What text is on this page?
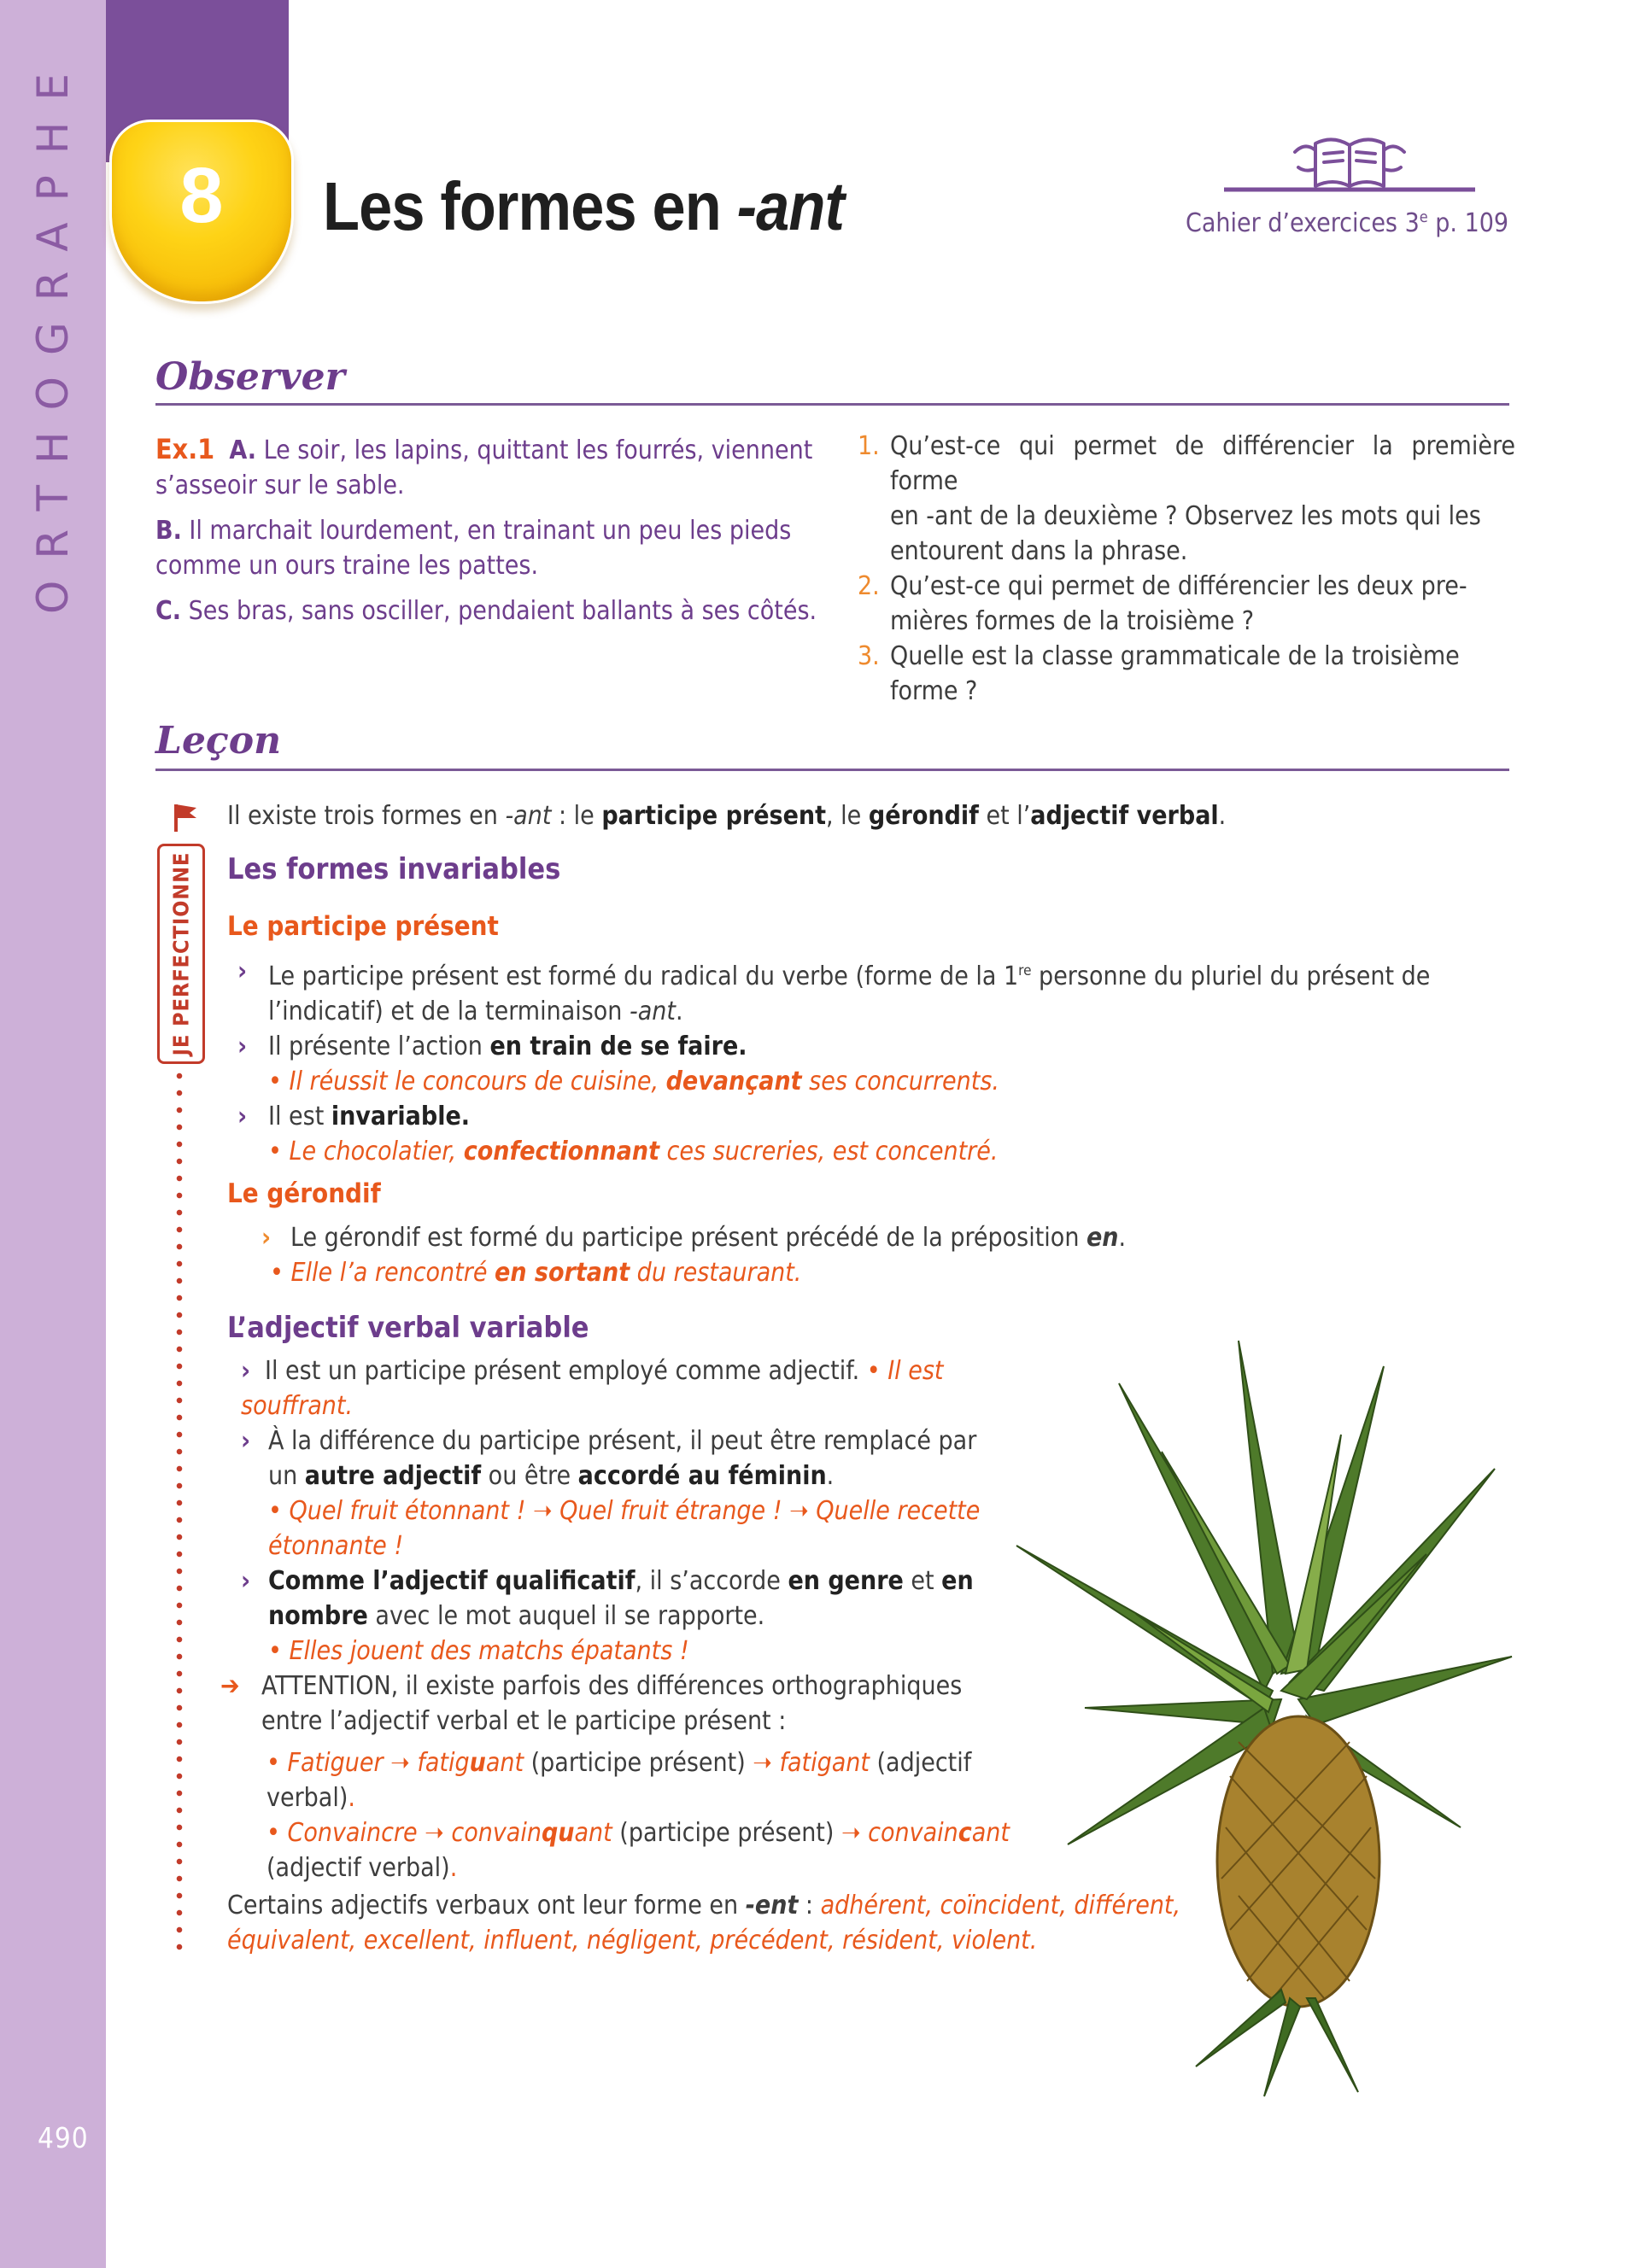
ORTHOGRAPHE
490
8	Les formes en -ant	Cahier d’exercices 3e p. 109
Observer
Ex.1 A. Le soir, les lapins, quittant les fourrés, viennent
s’asseoir sur le sable.
B. Il marchait lourdement, en trainant un peu les pieds
comme un ours traine les pattes.
C. Ses bras, sans osciller, pendaient ballants à ses côtés.
1. Qu’est-ce qui permet de différencier la première forme
en -ant de la deuxième ? Observez les mots qui les
entourent dans la phrase.
2. Qu’est-ce qui permet de différencier les deux pre-
mières formes de la troisième ?
3. Quelle est la classe grammaticale de la troisième
forme ?
Leçon
JE PERFECTIONNE
Il existe trois formes en -ant : le participe présent, le gérondif et l’adjectif verbal.
Les formes invariables
Le participe présent
› Le participe présent est formé du radical du verbe (forme de la 1re personne du pluriel du présent de
l’indicatif) et de la terminaison -ant.
› Il présente l’action en train de se faire.
• Il réussit le concours de cuisine, devançant ses concurrents.
› Il est invariable.
• Le chocolatier, confectionnant ces sucreries, est concentré.
Le gérondif
› Le gérondif est formé du participe présent précédé de la préposition en.
• Elle l’a rencontré en sortant du restaurant.
L’adjectif verbal variable
› Il est un participe présent employé comme adjectif. • Il est
souffrant.
› À la différence du participe présent, il peut être remplacé par
un autre adjectif ou être accordé au féminin.
• Quel fruit étonnant ! ➝ Quel fruit étrange ! ➝ Quelle recette
étonnante !
› Comme l’adjectif qualificatif, il s’accorde en genre et en
nombre avec le mot auquel il se rapporte.
• Elles jouent des matchs épatants !
➔ ATTENTION, il existe parfois des différences orthographiques
entre l’adjectif verbal et le participe présent :
• Fatiguer ➝ fatiguant (participe présent) ➝ fatigant (adjectif
verbal).
• Convaincre ➝ convainquant (participe présent) ➝ convaincant
(adjectif verbal).
Certains adjectifs verbaux ont leur forme en -ent : adhérent, coïncident, différent,
équivalent, excellent, influent, négligent, précédent, résident, violent.
